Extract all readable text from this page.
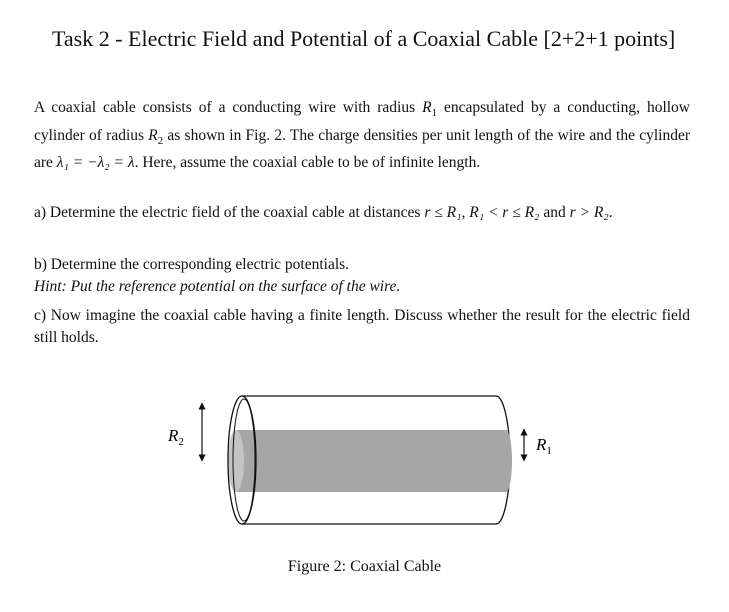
Task 2 - Electric Field and Potential of a Coaxial Cable [2+2+1 points]
A coaxial cable consists of a conducting wire with radius $R_1$ encapsulated by a conducting, hollow cylinder of radius $R_2$ as shown in Fig. 2. The charge densities per unit length of the wire and the cylinder are λ₁ = −λ₂ = λ. Here, assume the coaxial cable to be of infinite length.
a) Determine the electric field of the coaxial cable at distances r ≤ R₁, R₁ < r ≤ R₂ and r > R₂.
b) Determine the corresponding electric potentials.
Hint: Put the reference potential on the surface of the wire.
c) Now imagine the coaxial cable having a finite length. Discuss whether the result for the electric field still holds.
$R_2$	$R_1$
Figure 2: Coaxial Cable
